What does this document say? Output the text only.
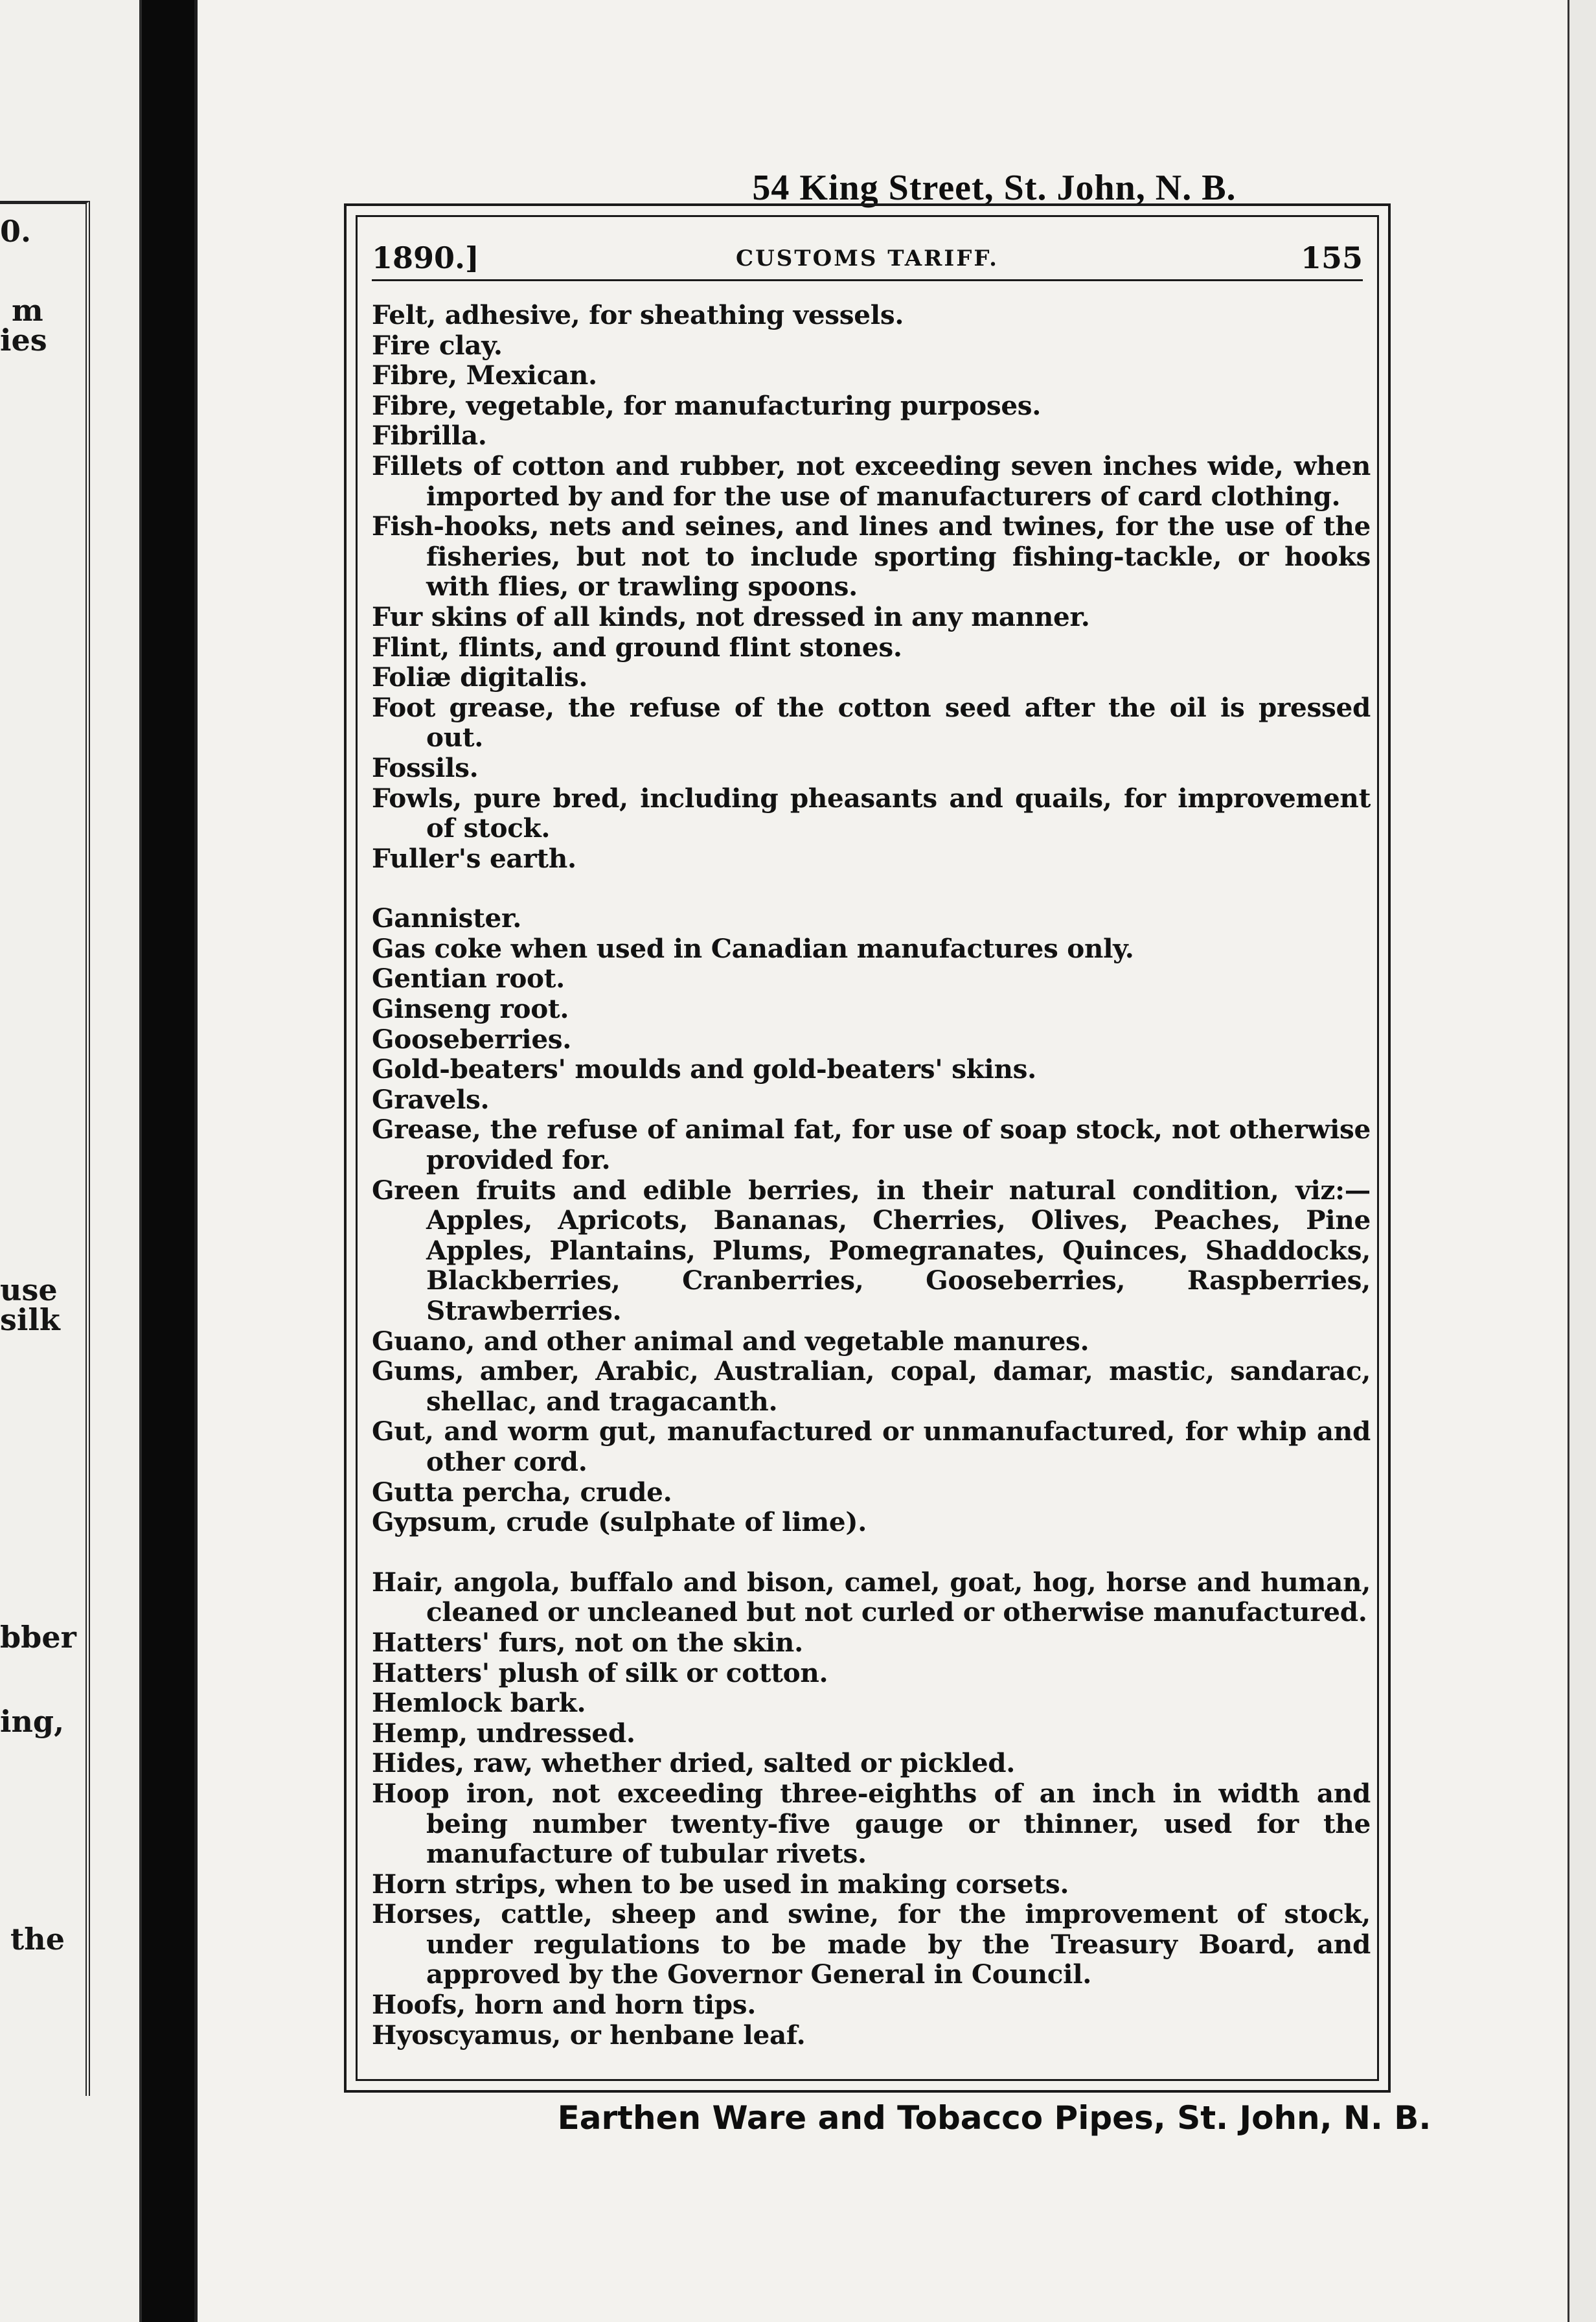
0.
m
ies
use
silk
bber
ing,
the
54 King Street, St. John, N. B.
1890.]	CUSTOMS TARIFF.	155
Felt, adhesive, for sheathing vessels.
Fire clay.
Fibre, Mexican.
Fibre, vegetable, for manufacturing purposes.
Fibrilla.
Fillets of cotton and rubber, not exceeding seven inches wide, when imported by and for the use of manufacturers of card clothing.
Fish-hooks, nets and seines, and lines and twines, for the use of the fisheries, but not to include sporting fishing-tackle, or hooks with flies, or trawling spoons.
Fur skins of all kinds, not dressed in any manner.
Flint, flints, and ground flint stones.
Foliæ digitalis.
Foot grease, the refuse of the cotton seed after the oil is pressed out.
Fossils.
Fowls, pure bred, including pheasants and quails, for improvement of stock.
Fuller's earth.
Gannister.
Gas coke when used in Canadian manufactures only.
Gentian root.
Ginseng root.
Gooseberries.
Gold-beaters' moulds and gold-beaters' skins.
Gravels.
Grease, the refuse of animal fat, for use of soap stock, not otherwise provided for.
Green fruits and edible berries, in their natural condition, viz:— Apples, Apricots, Bananas, Cherries, Olives, Peaches, Pine Apples, Plantains, Plums, Pomegranates, Quinces, Shaddocks, Blackberries, Cranberries, Gooseberries, Raspberries, Strawberries.
Guano, and other animal and vegetable manures.
Gums, amber, Arabic, Australian, copal, damar, mastic, sandarac, shellac, and tragacanth.
Gut, and worm gut, manufactured or unmanufactured, for whip and other cord.
Gutta percha, crude.
Gypsum, crude (sulphate of lime).
Hair, angola, buffalo and bison, camel, goat, hog, horse and human, cleaned or uncleaned but not curled or otherwise manufactured.
Hatters' furs, not on the skin.
Hatters' plush of silk or cotton.
Hemlock bark.
Hemp, undressed.
Hides, raw, whether dried, salted or pickled.
Hoop iron, not exceeding three-eighths of an inch in width and being number twenty-five gauge or thinner, used for the manufacture of tubular rivets.
Horn strips, when to be used in making corsets.
Horses, cattle, sheep and swine, for the improvement of stock, under regulations to be made by the Treasury Board, and approved by the Governor General in Council.
Hoofs, horn and horn tips.
Hyoscyamus, or henbane leaf.
Earthen Ware and Tobacco Pipes, St. John, N. B.
